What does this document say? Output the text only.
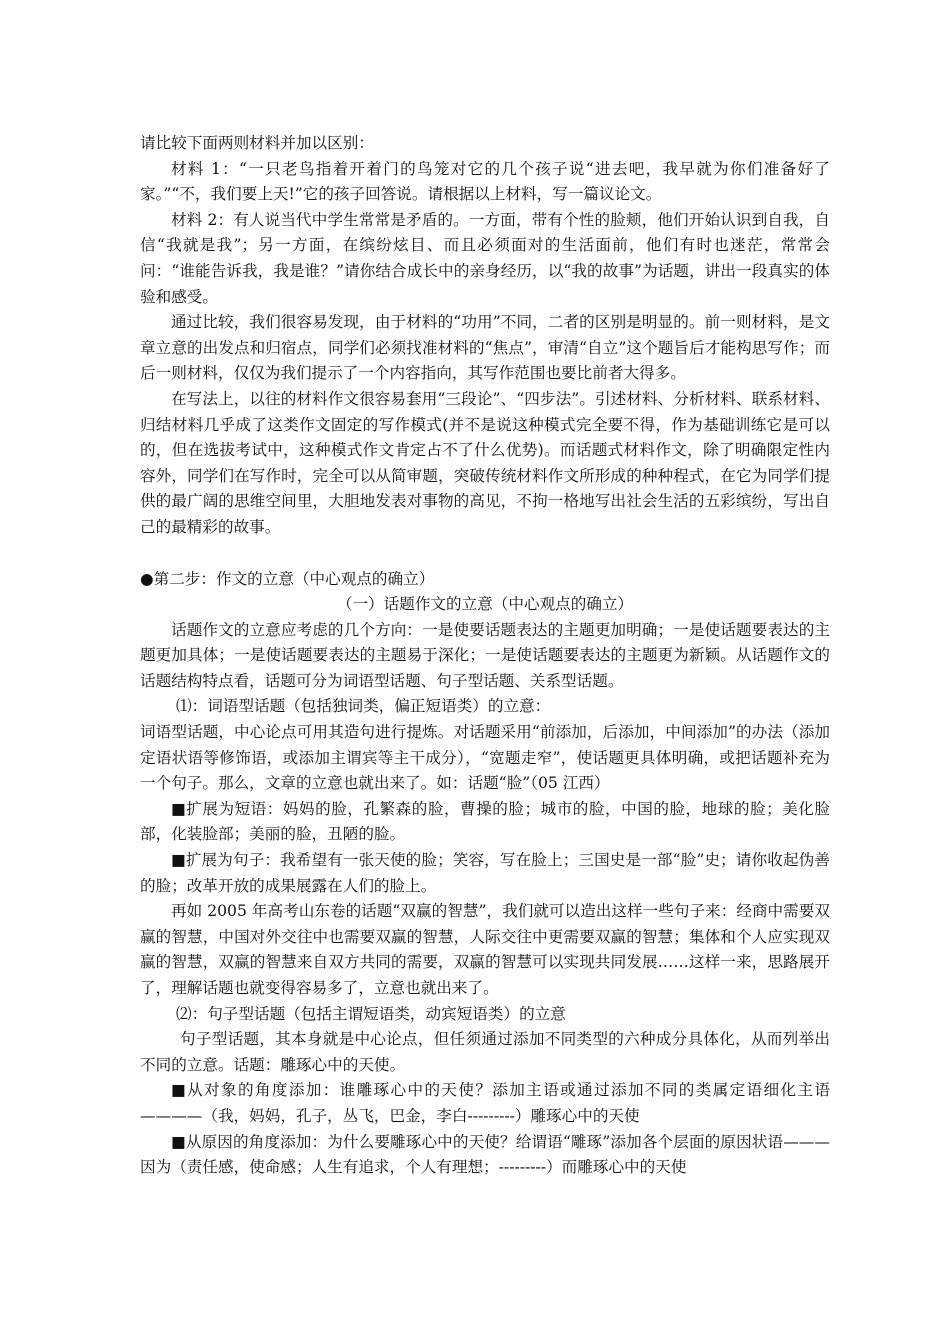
请比较下面两则材料并加以区别：

材料 1：“一只老鸟指着开着门的鸟笼对它的几个孩子说“进去吧，我早就为你们准备好了家。”“不，我们要上天!”它的孩子回答说。请根据以上材料，写一篇议论文。

材料 2：有人说当代中学生常常是矛盾的。一方面，带有个性的脸颊，他们开始认识到自我，自信“我就是我”；另一方面，在缤纷炫目、而且必须面对的生活面前，他们有时也迷茫，常常会问：“谁能告诉我，我是谁？”请你结合成长中的亲身经历，以“我的故事”为话题，讲出一段真实的体验和感受。

通过比较，我们很容易发现，由于材料的“功用”不同，二者的区别是明显的。前一则材料，是文章立意的出发点和归宿点，同学们必须找准材料的“焦点”，审清“自立”这个题旨后才能构思写作；而后一则材料，仅仅为我们提示了一个内容指向，其写作范围也要比前者大得多。

在写法上，以往的材料作文很容易套用“三段论”、“四步法”。引述材料、分析材料、联系材料、归结材料几乎成了这类作文固定的写作模式(并不是说这种模式完全要不得，作为基础训练它是可以的，但在选拔考试中，这种模式作文肯定占不了什么优势)。而话题式材料作文，除了明确限定性内容外，同学们在写作时，完全可以从简审题，突破传统材料作文所形成的种种程式，在它为同学们提供的最广阔的思维空间里，大胆地发表对事物的高见，不拘一格地写出社会生活的五彩缤纷，写出自己的最精彩的故事。

●第二步：作文的立意（中心观点的确立）

（一）话题作文的立意（中心观点的确立）

话题作文的立意应考虑的几个方向：一是使要话题表达的主题更加明确；一是使话题要表达的主题更加具体；一是使话题要表达的主题易于深化；一是使话题要表达的主题更为新颖。从话题作文的话题结构特点看，话题可分为词语型话题、句子型话题、关系型话题。

⑴：词语型话题（包括独词类，偏正短语类）的立意：

词语型话题，中心论点可用其造句进行提炼。对话题采用“前添加，后添加，中间添加”的办法（添加定语状语等修饰语，或添加主谓宾等主干成分），“宽题走窄”，使话题更具体明确，或把话题补充为一个句子。那么，文章的立意也就出来了。如：话题“脸”（05 江西）

■扩展为短语：妈妈的脸，孔繁森的脸，曹操的脸；城市的脸，中国的脸，地球的脸；美化脸部，化装脸部；美丽的脸，丑陋的脸。

■扩展为句子：我希望有一张天使的脸；笑容，写在脸上；三国史是一部“脸”史；请你收起伪善的脸；改革开放的成果展露在人们的脸上。

再如 2005 年高考山东卷的话题“双赢的智慧”，我们就可以造出这样一些句子来：经商中需要双赢的智慧，中国对外交往中也需要双赢的智慧，人际交往中更需要双赢的智慧；集体和个人应实现双赢的智慧，双赢的智慧来自双方共同的需要，双赢的智慧可以实现共同发展……这样一来，思路展开了，理解话题也就变得容易多了，立意也就出来了。

⑵：句子型话题（包括主谓短语类，动宾短语类）的立意

句子型话题，其本身就是中心论点，但任须通过添加不同类型的六种成分具体化，从而列举出不同的立意。话题：雕琢心中的天使。

■从对象的角度添加：谁雕琢心中的天使？添加主语或通过添加不同的类属定语细化主语————（我，妈妈，孔子，丛飞，巴金，李白---------）雕琢心中的天使

■从原因的角度添加：为什么要雕琢心中的天使？给谓语“雕琢”添加各个层面的原因状语———因为（责任感，使命感；人生有追求，个人有理想；---------）而雕琢心中的天使
